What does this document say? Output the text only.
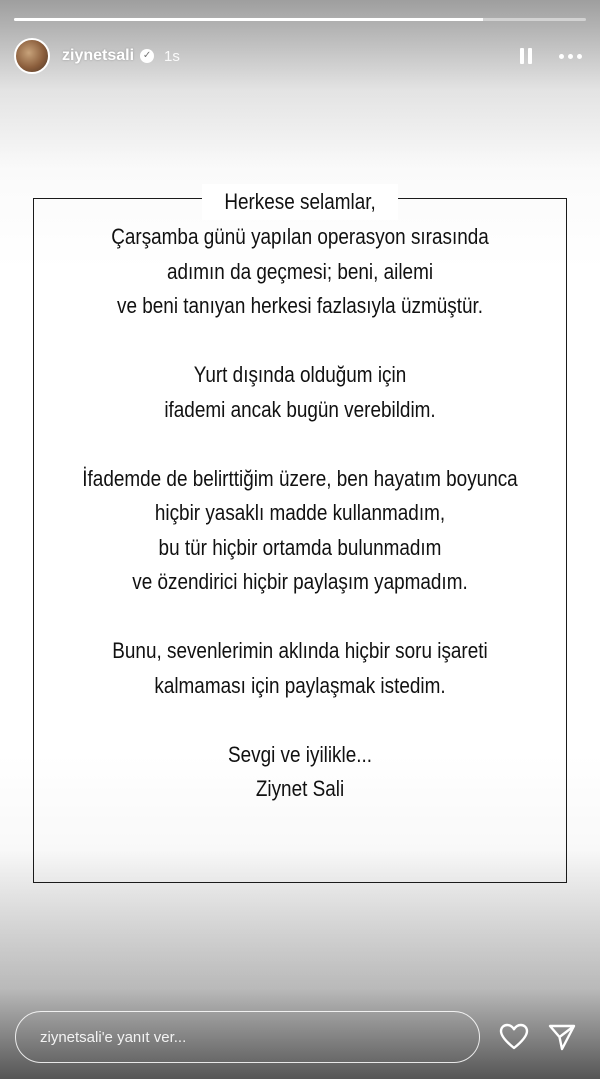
ziynetsali ✓ 1s
Herkese selamlar,
Çarşamba günü yapılan operasyon sırasında
adımın da geçmesi; beni, ailemi
ve beni tanıyan herkesi fazlasıyla üzmüştür.
Yurt dışında olduğum için
ifademi ancak bugün verebildim.
İfademde de belirttiğim üzere, ben hayatım boyunca
hiçbir yasaklı madde kullanmadım,
bu tür hiçbir ortamda bulunmadım
ve özendirici hiçbir paylaşım yapmadım.
Bunu, sevenlerimin aklında hiçbir soru işareti
kalmaması için paylaşmak istedim.
Sevgi ve iyilikle...
Ziynet Sali
ziynetsali'e yanıt ver...
